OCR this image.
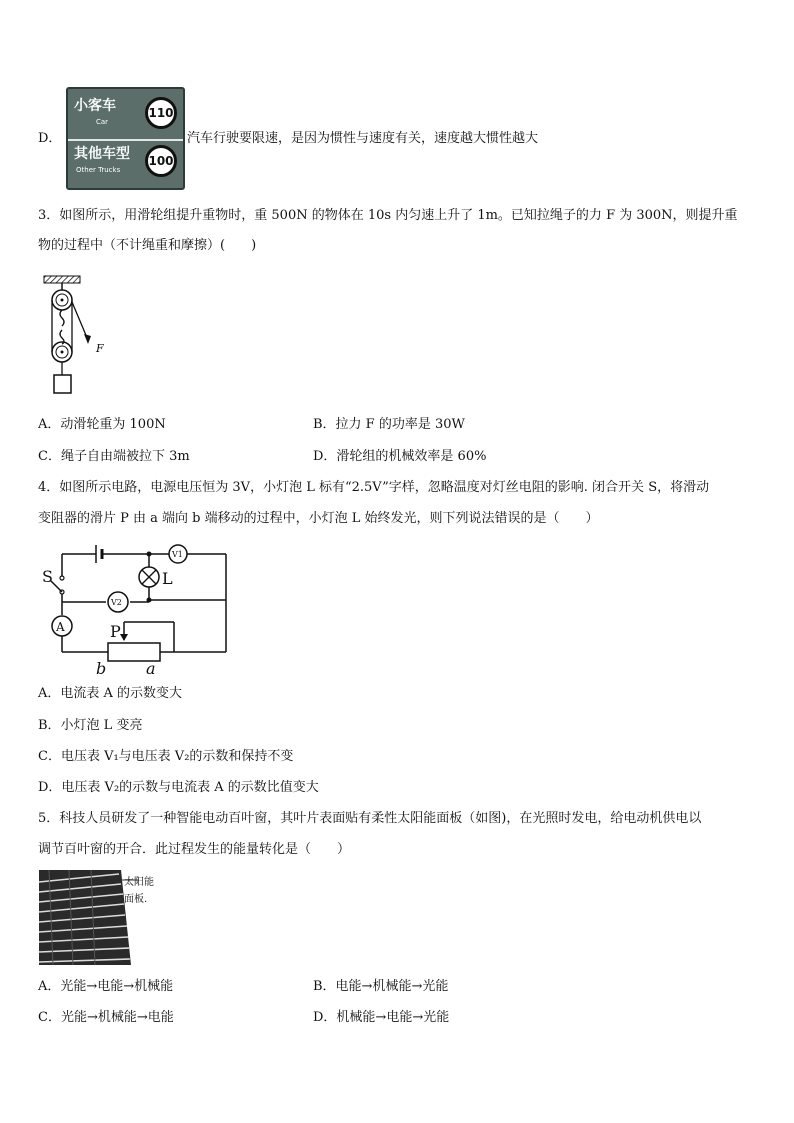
D．
小客车
Car
110
其他车型
Other Trucks
100
汽车行驶要限速，是因为惯性与速度有关，速度越大惯性越大
3．如图所示，用滑轮组提升重物时，重 500N 的物体在 10s 内匀速上升了 1m。已知拉绳子的力 F 为 300N，则提升重
物的过程中（不计绳重和摩擦）(　　)
F
A．动滑轮重为 100N	B．拉力 F 的功率是 30W
C．绳子自由端被拉下 3m	D．滑轮组的机械效率是 60%
4．如图所示电路，电源电压恒为 3V，小灯泡 L 标有“2.5V”字样，忽略温度对灯丝电阻的影响. 闭合开关 S，将滑动
变阻器的滑片 P 由 a 端向 b 端移动的过程中，小灯泡 L 始终发光，则下列说法错误的是（　　）
S	L
V1
V2
A	P
b a
A．电流表 A 的示数变大
B．小灯泡 L 变亮
C．电压表 V₁与电压表 V₂的示数和保持不变
D．电压表 V₂的示数与电流表 A 的示数比值变大
5．科技人员研发了一种智能电动百叶窗，其叶片表面贴有柔性太阳能面板（如图)，在光照时发电，给电动机供电以
调节百叶窗的开合．此过程发生的能量转化是（　　）
太阳能
面板.
A．光能→电能→机械能	B．电能→机械能→光能
C．光能→机械能→电能	D．机械能→电能→光能
